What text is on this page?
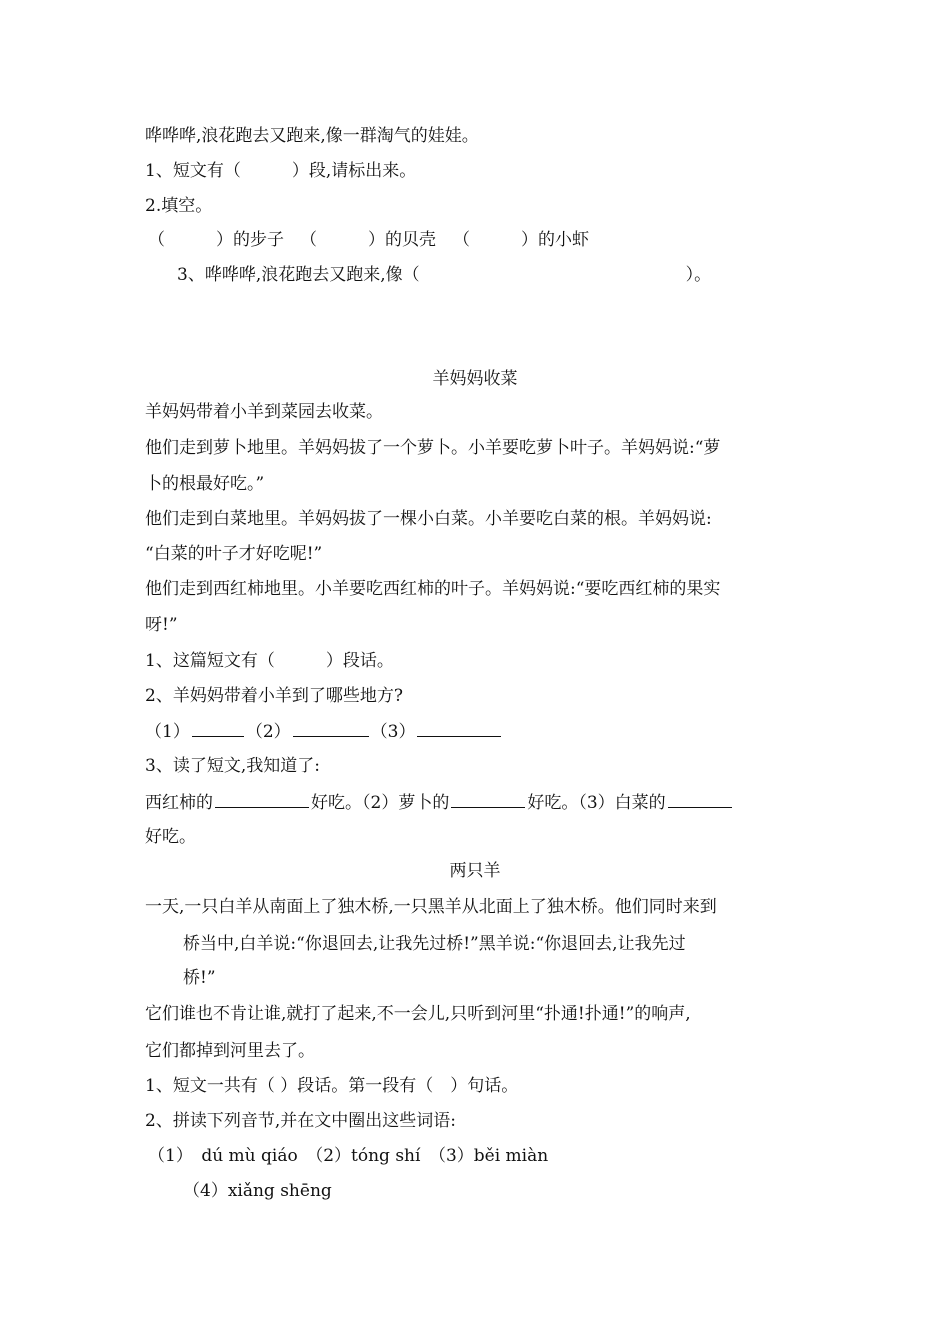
哗哗哗,浪花跑去又跑来,像一群淘气的娃娃。
1、短文有（　　　）段,请标出来。
2.填空。
（　　　）的步子 （　　　）的贝壳 （　　　）的小虾
3、哗哗哗,浪花跑去又跑来,像（	）。
羊妈妈收菜
羊妈妈带着小羊到菜园去收菜。
他们走到萝卜地里。羊妈妈拔了一个萝卜。小羊要吃萝卜叶子。羊妈妈说:“萝
卜的根最好吃。”
他们走到白菜地里。羊妈妈拔了一棵小白菜。小羊要吃白菜的根。羊妈妈说:
“白菜的叶子才好吃呢!”
他们走到西红柿地里。小羊要吃西红柿的叶子。羊妈妈说:“要吃西红柿的果实
呀!”
1、这篇短文有（　　　）段话。
2、羊妈妈带着小羊到了哪些地方?
（1）	（2）	（3）
3、读了短文,我知道了:
西红柿的	好吃。（2）萝卜的	好吃。（3）白菜的
好吃。
两只羊
一天,一只白羊从南面上了独木桥,一只黑羊从北面上了独木桥。他们同时来到
桥当中,白羊说:“你退回去,让我先过桥!”黑羊说:“你退回去,让我先过
桥!”
它们谁也不肯让谁,就打了起来,不一会儿,只听到河里“扑通!扑通!”的响声,
它们都掉到河里去了。
1、短文一共有（ ）段话。第一段有（　）句话。
2、拼读下列音节,并在文中圈出这些词语:
（1）　dú mù qiáo　（2）tóng shí　（3）běi miàn
（4）xiǎng shēng
